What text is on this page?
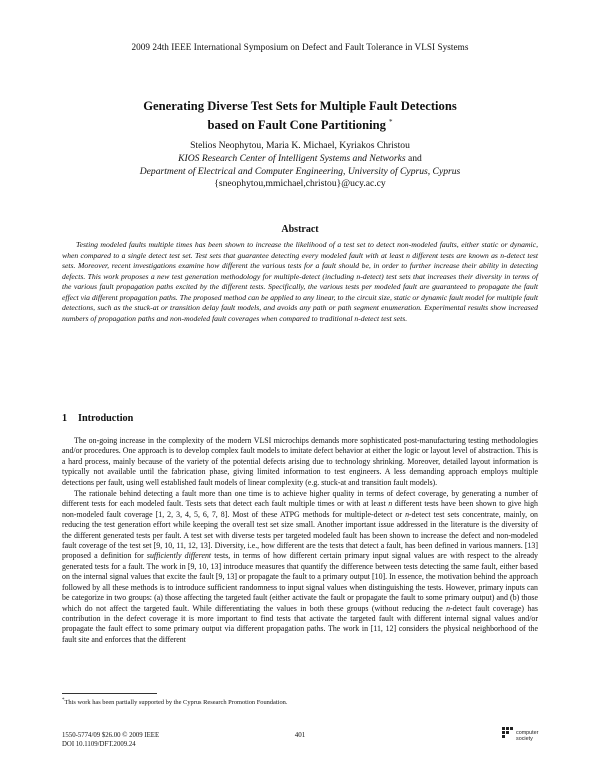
2009 24th IEEE International Symposium on Defect and Fault Tolerance in VLSI Systems
Generating Diverse Test Sets for Multiple Fault Detections
based on Fault Cone Partitioning *
Stelios Neophytou, Maria K. Michael, Kyriakos Christou
KIOS Research Center of Intelligent Systems and Networks and
Department of Electrical and Computer Engineering, University of Cyprus, Cyprus
{sneophytou,mmichael,christou}@ucy.ac.cy
Abstract
Testing modeled faults multiple times has been shown to increase the likelihood of a test set to detect non-modeled faults, either static or dynamic, when compared to a single detect test set. Test sets that guarantee detecting every modeled fault with at least n different tests are known as n-detect test sets. Moreover, recent investigations examine how different the various tests for a fault should be, in order to further increase their ability in detecting defects. This work proposes a new test generation methodology for multiple-detect (including n-detect) test sets that increases their diversity in terms of the various fault propagation paths excited by the different tests. Specifically, the various tests per modeled fault are guaranteed to propagate the fault effect via different propagation paths. The proposed method can be applied to any linear, to the circuit size, static or dynamic fault model for multiple fault detections, such as the stuck-at or transition delay fault models, and avoids any path or path segment enumeration. Experimental results show increased numbers of propagation paths and non-modeled fault coverages when compared to traditional n-detect test sets.
1 Introduction

The on-going increase in the complexity of the modern VLSI microchips demands more sophisticated post-manufacturing testing methodologies and/or procedures. One approach is to develop complex fault models to imitate defect behavior at either the logic or layout level of abstraction. This is a hard process, mainly because of the variety of the potential defects arising due to technology shrinking. Moreover, detailed layout information is typically not available until the fabrication phase, giving limited information to test engineers. A less demanding approach employs multiple detections per fault, using well established fault models of linear complexity (e.g. stuck-at and transition fault models).

The rationale behind detecting a fault more than one time is to achieve higher quality in terms of defect coverage, by generating a number of different tests for each modeled fault. Tests sets that detect each fault multiple times or with at least n different tests have been shown to give high non-modeled fault coverage [1, 2, 3, 4, 5, 6, 7, 8]. Most of these ATPG methods for multiple-detect or n-detect test sets concentrate, mainly, on reducing the test generation effort while keeping the overall test set size small. Another important issue addressed in the literature is the diversity of the different generated tests per fault. A test set with diverse tests per targeted modeled fault has been shown to increase the defect and non-modeled fault coverage of the test set [9, 10, 11, 12, 13]. Diversity, i.e., how different are the tests that detect a fault, has been defined in various manners. [13] proposed a definition for sufficiently different tests, in terms of how different certain primary input signal values are with respect to the already generated tests for a fault. The work in [9, 10, 13] introduce measures that quantify the difference between tests detecting the same fault, either based on the internal signal values that excite the fault [9, 13] or propagate the fault to a primary output [10]. In essence, the motivation behind the approach followed by all these methods is to introduce sufficient randomness to input signal values when distinguishing the tests. However, primary inputs can be categorize in two groups: (a) those affecting the targeted fault (either activate the fault or propagate the fault to some primary output) and (b) those which do not affect the targeted fault. While differentiating the values in both these groups (without reducing the n-detect fault coverage) has contribution in the defect coverage it is more important to find tests that activate the targeted fault with different internal signal values and/or propagate the fault effect to some primary output via different propagation paths. The work in [11, 12] considers the physical neighborhood of the fault site and enforces that the different

*This work has been partially supported by the Cyprus Research Promotion Foundation.
1550-5774/09 $26.00 © 2009 IEEE
DOI 10.1109/DFT.2009.24
401	computer
society
